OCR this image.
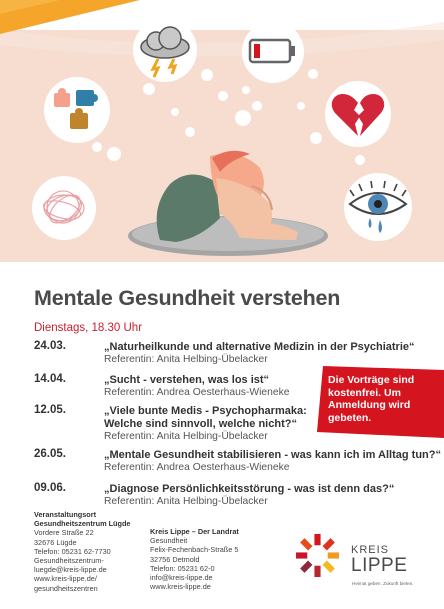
Mentale Gesundheit verstehen
Dienstags, 18.30 Uhr
24.03.	„Naturheilkunde und alternative Medizin in der Psychiatrie“
Referentin: Anita Helbing-Übelacker
14.04.	„Sucht - verstehen, was los ist“
Referentin: Andrea Oesterhaus-Wieneke
12.05.	„Viele bunte Medis - Psychopharmaka:
Welche sind sinnvoll, welche nicht?“
Referentin: Anita Helbing-Übelacker
26.05.	„Mentale Gesundheit stabilisieren - was kann ich im Alltag tun?“
Referentin: Andrea Oesterhaus-Wieneke
09.06.	„Diagnose Persönlichkeitsstörung - was ist denn das?“
Referentin: Anita Helbing-Übelacker
Die Vorträge sind kostenfrei. Um Anmeldung wird gebeten.
Veranstaltungsort
Gesundheitszentrum Lügde
Vordere Straße 22
32676 Lügde
Telefon: 05231 62-7730
Gesundheitszentrum-
luegde@kreis-lippe.de
www.kreis-lippe.de/
gesundheitszentren
Kreis Lippe – Der Landrat
Gesundheit
Felix-Fechenbach-Straße 5
32756 Detmold
Telefon: 05231 62-0
info@kreis-lippe.de
www.kreis-lippe.de
KREIS
LIPPE
Heimat geben. Zukunft bieten.
